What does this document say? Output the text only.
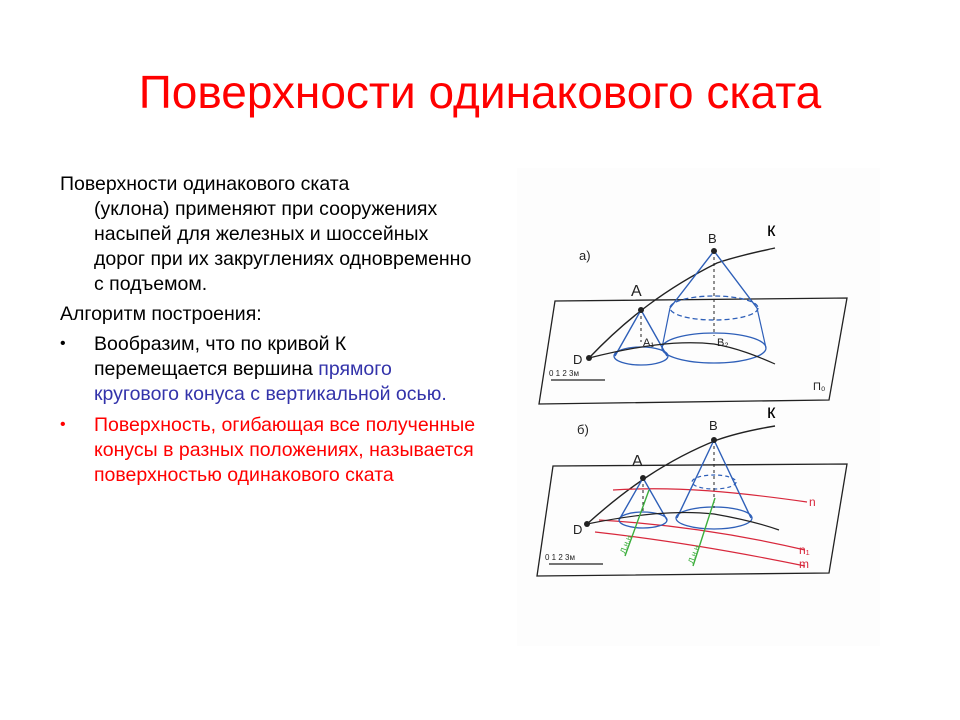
Поверхности одинакового ската

Поверхности одинакового ската
(уклона) применяют при сооружениях насыпей для железных и шоссейных дорог при их закруглениях одновременно с подъемом.

Алгоритм построения:

• Вообразим, что по кривой К перемещается вершина прямого кругового конуса с вертикальной осью.
• Поверхность, огибающая все полученные конусы в разных положениях, называется поверхностью одинакового ската
а)
B
A
D
A₁	B₂
П₀
0 1 2 3м
б)	B
A
D
n
n₁
m
0 1 2 3м
Л.н.н	Л.н.н
к
к
